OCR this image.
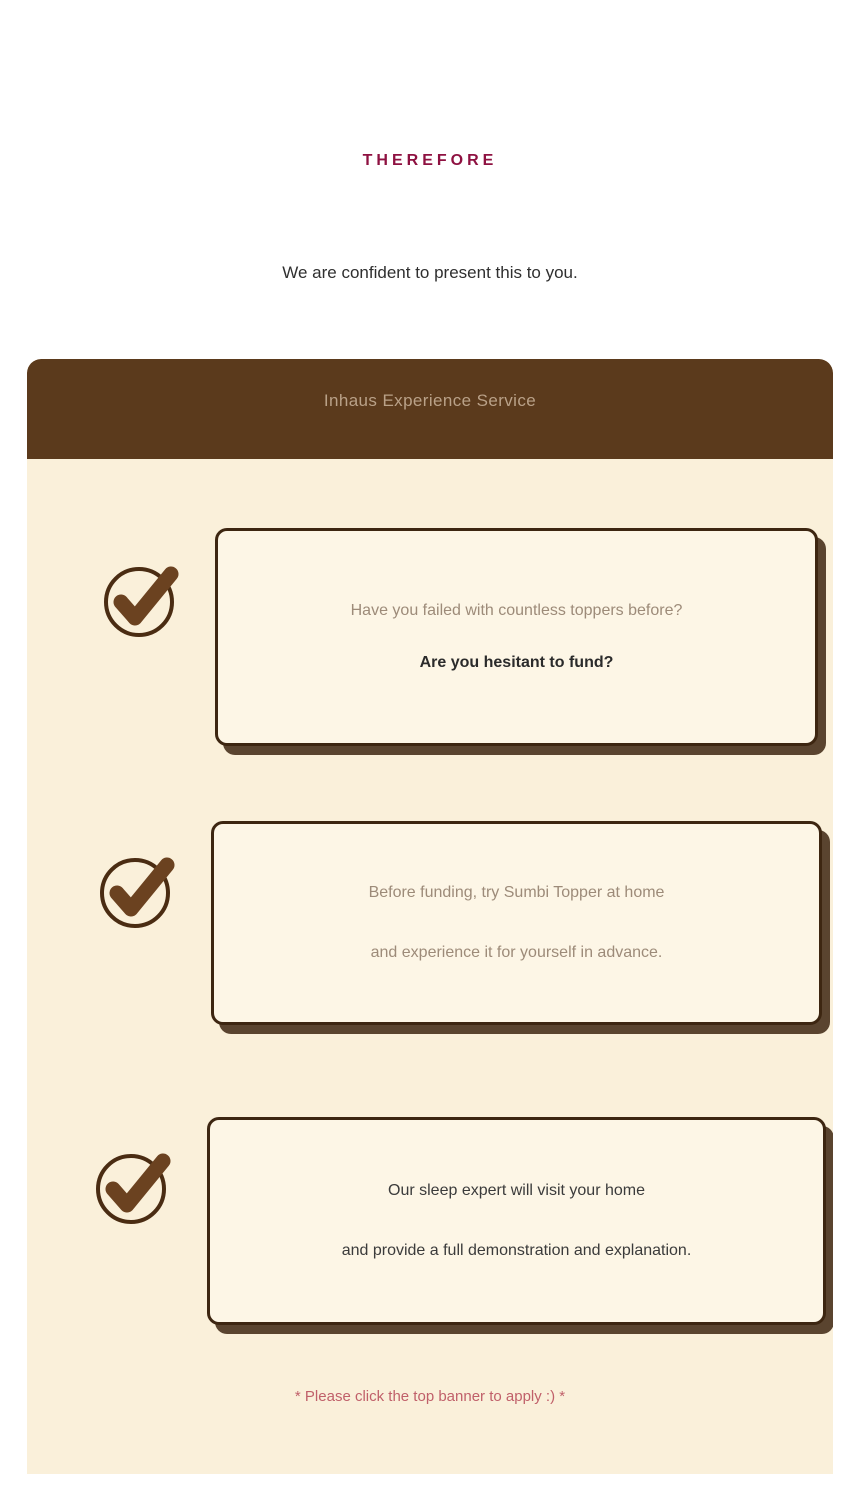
THEREFORE
We are confident to present this to you.
Inhaus Experience Service
Have you failed with countless toppers before?
Are you hesitant to fund?
Before funding, try Sumbi Topper at home
and experience it for yourself in advance.
Our sleep expert will visit your home
and provide a full demonstration and explanation.
* Please click the top banner to apply :) *
